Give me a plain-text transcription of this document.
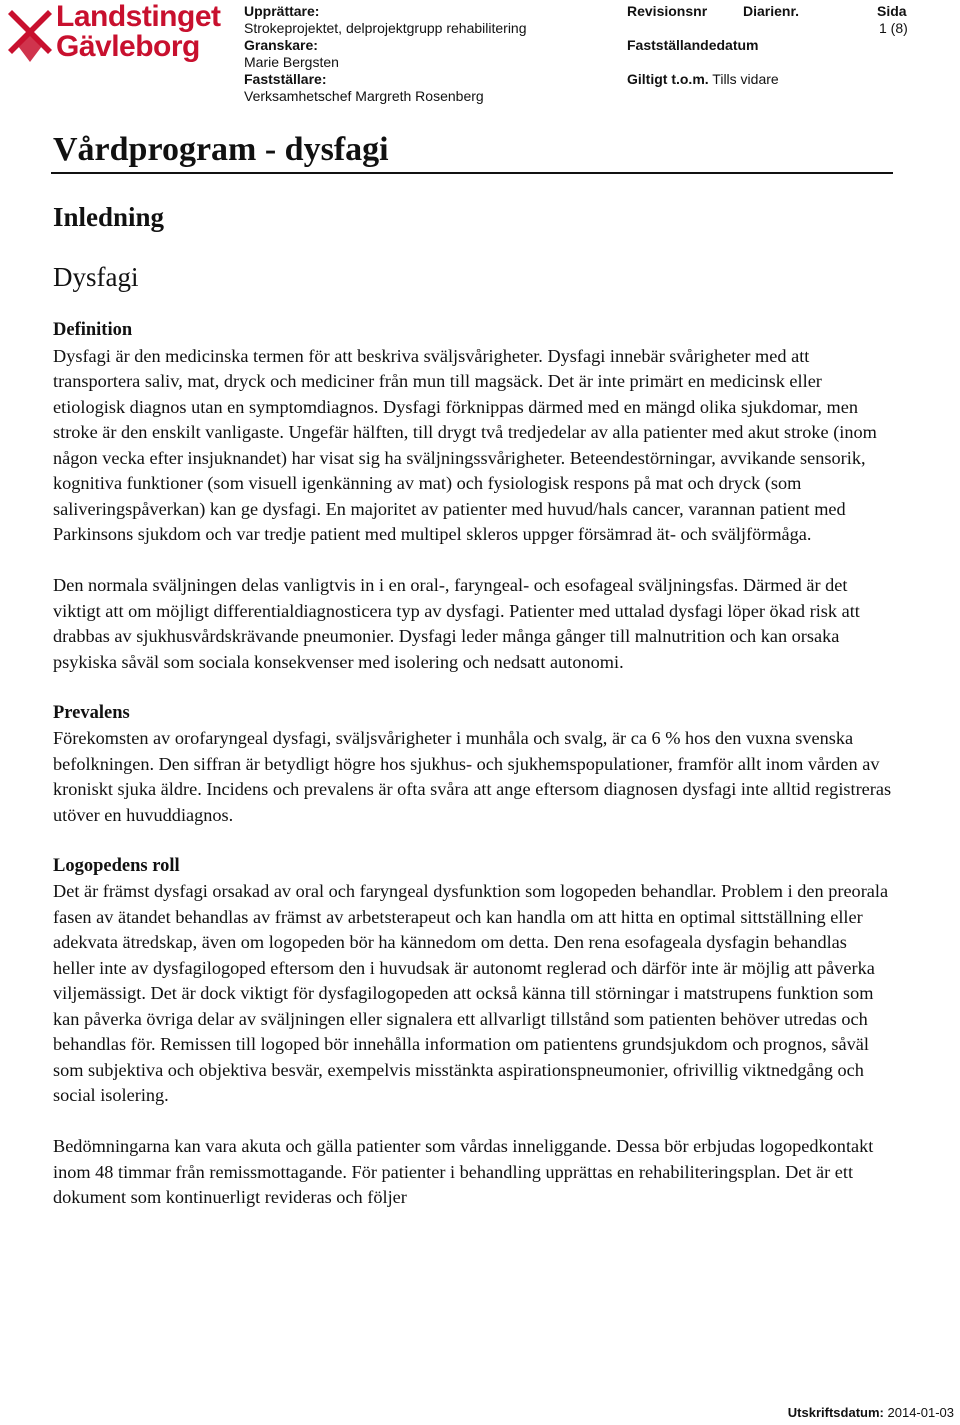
Landstinget
Gävleborg
Upprättare:
Strokeprojektet, delprojektgrupp rehabilitering
Granskare:
Marie Bergsten
Fastställare:
Verksamhetschef Margreth Rosenberg
Revisionsnr	Diarienr.	Sida
1 (8)
Fastställandedatum
Giltigt t.o.m. Tills vidare
Vårdprogram - dysfagi
Inledning
Dysfagi
Definition

Dysfagi är den medicinska termen för att beskriva sväljsvårigheter. Dysfagi innebär svårigheter med att transportera saliv, mat, dryck och mediciner från mun till magsäck. Det är inte primärt en medicinsk eller etiologisk diagnos utan en symptomdiagnos. Dysfagi förknippas därmed med en mängd olika sjukdomar, men stroke är den enskilt vanligaste. Ungefär hälften, till drygt två tredjedelar av alla patienter med akut stroke (inom någon vecka efter insjuknandet) har visat sig ha sväljningssvårigheter. Beteendestörningar, avvikande sensorik, kognitiva funktioner (som visuell igenkänning av mat) och fysiologisk respons på mat och dryck (som saliveringspåverkan) kan ge dysfagi. En majoritet av patienter med huvud/hals cancer, varannan patient med Parkinsons sjukdom och var tredje patient med multipel skleros uppger försämrad ät- och sväljförmåga.

Den normala sväljningen delas vanligtvis in i en oral-, faryngeal- och esofageal sväljningsfas. Därmed är det viktigt att om möjligt differentialdiagnosticera typ av dysfagi. Patienter med uttalad dysfagi löper ökad risk att drabbas av sjukhusvårdskrävande pneumonier. Dysfagi leder många gånger till malnutrition och kan orsaka psykiska såväl som sociala konsekvenser med isolering och nedsatt autonomi.

Prevalens

Förekomsten av orofaryngeal dysfagi, sväljsvårigheter i munhåla och svalg, är ca 6 % hos den vuxna svenska befolkningen. Den siffran är betydligt högre hos sjukhus- och sjukhemspopulationer, framför allt inom vården av kroniskt sjuka äldre. Incidens och prevalens är ofta svåra att ange eftersom diagnosen dysfagi inte alltid registreras utöver en huvuddiagnos.

Logopedens roll

Det är främst dysfagi orsakad av oral och faryngeal dysfunktion som logopeden behandlar. Problem i den preorala fasen av ätandet behandlas av främst av arbetsterapeut och kan handla om att hitta en optimal sittställning eller adekvata ätredskap, även om logopeden bör ha kännedom om detta. Den rena esofageala dysfagin behandlas heller inte av dysfagilogoped eftersom den i huvudsak är autonomt reglerad och därför inte är möjlig att påverka viljemässigt. Det är dock viktigt för dysfagilogopeden att också känna till störningar i matstrupens funktion som kan påverka övriga delar av sväljningen eller signalera ett allvarligt tillstånd som patienten behöver utredas och behandlas för. Remissen till logoped bör innehålla information om patientens grundsjukdom och prognos, såväl som subjektiva och objektiva besvär, exempelvis misstänkta aspirationspneumonier, ofrivillig viktnedgång och social isolering.

Bedömningarna kan vara akuta och gälla patienter som vårdas inneliggande. Dessa bör erbjudas logopedkontakt inom 48 timmar från remissmottagande. För patienter i behandling upprättas en rehabiliteringsplan. Det är ett dokument som kontinuerligt revideras och följer

Utskriftsdatum: 2014-01-03
